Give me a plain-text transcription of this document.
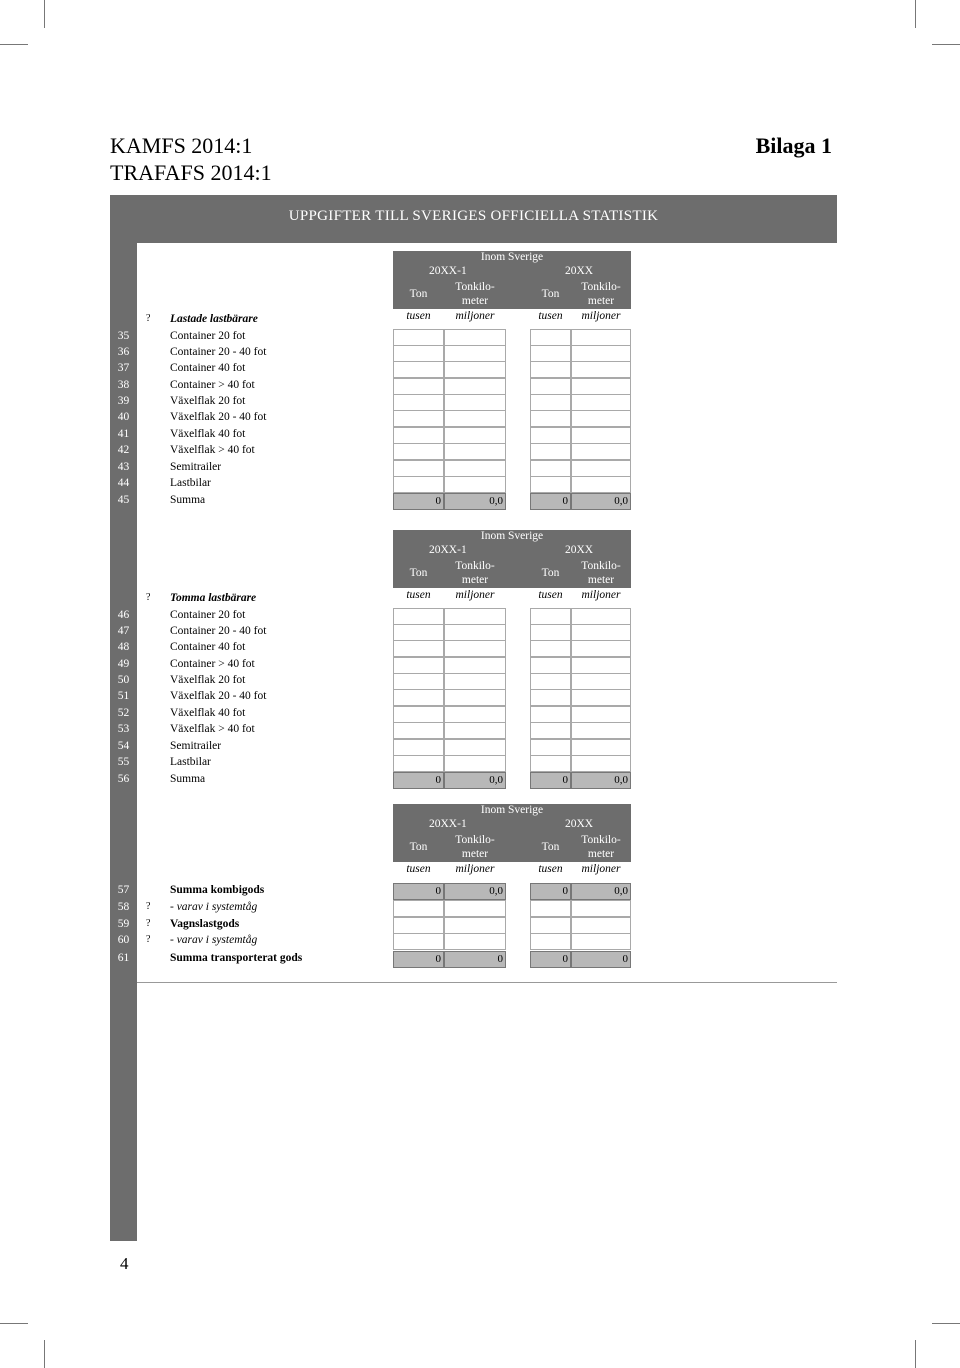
KAMFS 2014:1
TRAFAFS 2014:1
Bilaga 1
UPPGIFTER TILL SVERIGES OFFICIELLA STATISTIK
Inom Sverige
20XX-1	20XX
Ton
Tonkilo-
meter
Ton
Tonkilo-
meter
tusen	miljoner	tusen	miljoner
? Lastade lastbärare
35	Container 20 fot
36	Container 20 - 40 fot
37	Container 40 fot
38	Container > 40 fot
39	Växelflak 20 fot
40	Växelflak 20 - 40 fot
41	Växelflak 40 fot
42	Växelflak > 40 fot
43	Semitrailer
44	Lastbilar
45	Summa	0	0,0	0	0,0
Inom Sverige
20XX-1	20XX
Ton
Tonkilo-
meter
Ton
Tonkilo-
meter
tusen	miljoner	tusen	miljoner
? Tomma lastbärare
46	Container 20 fot
47	Container 20 - 40 fot
48	Container 40 fot
49	Container > 40 fot
50	Växelflak 20 fot
51	Växelflak 20 - 40 fot
52	Växelflak 40 fot
53	Växelflak > 40 fot
54	Semitrailer
55	Lastbilar
56	Summa	0	0,0	0	0,0
Inom Sverige
20XX-1	20XX
Ton
Tonkilo-
meter
Ton
Tonkilo-
meter
tusen	miljoner	tusen	miljoner
57	Summa kombigods	0	0,0	0	0,0
58	? - varav i systemtåg
59	? Vagnslastgods
60	? - varav i systemtåg
61	Summa transporterat gods	0	0	0	0
4
